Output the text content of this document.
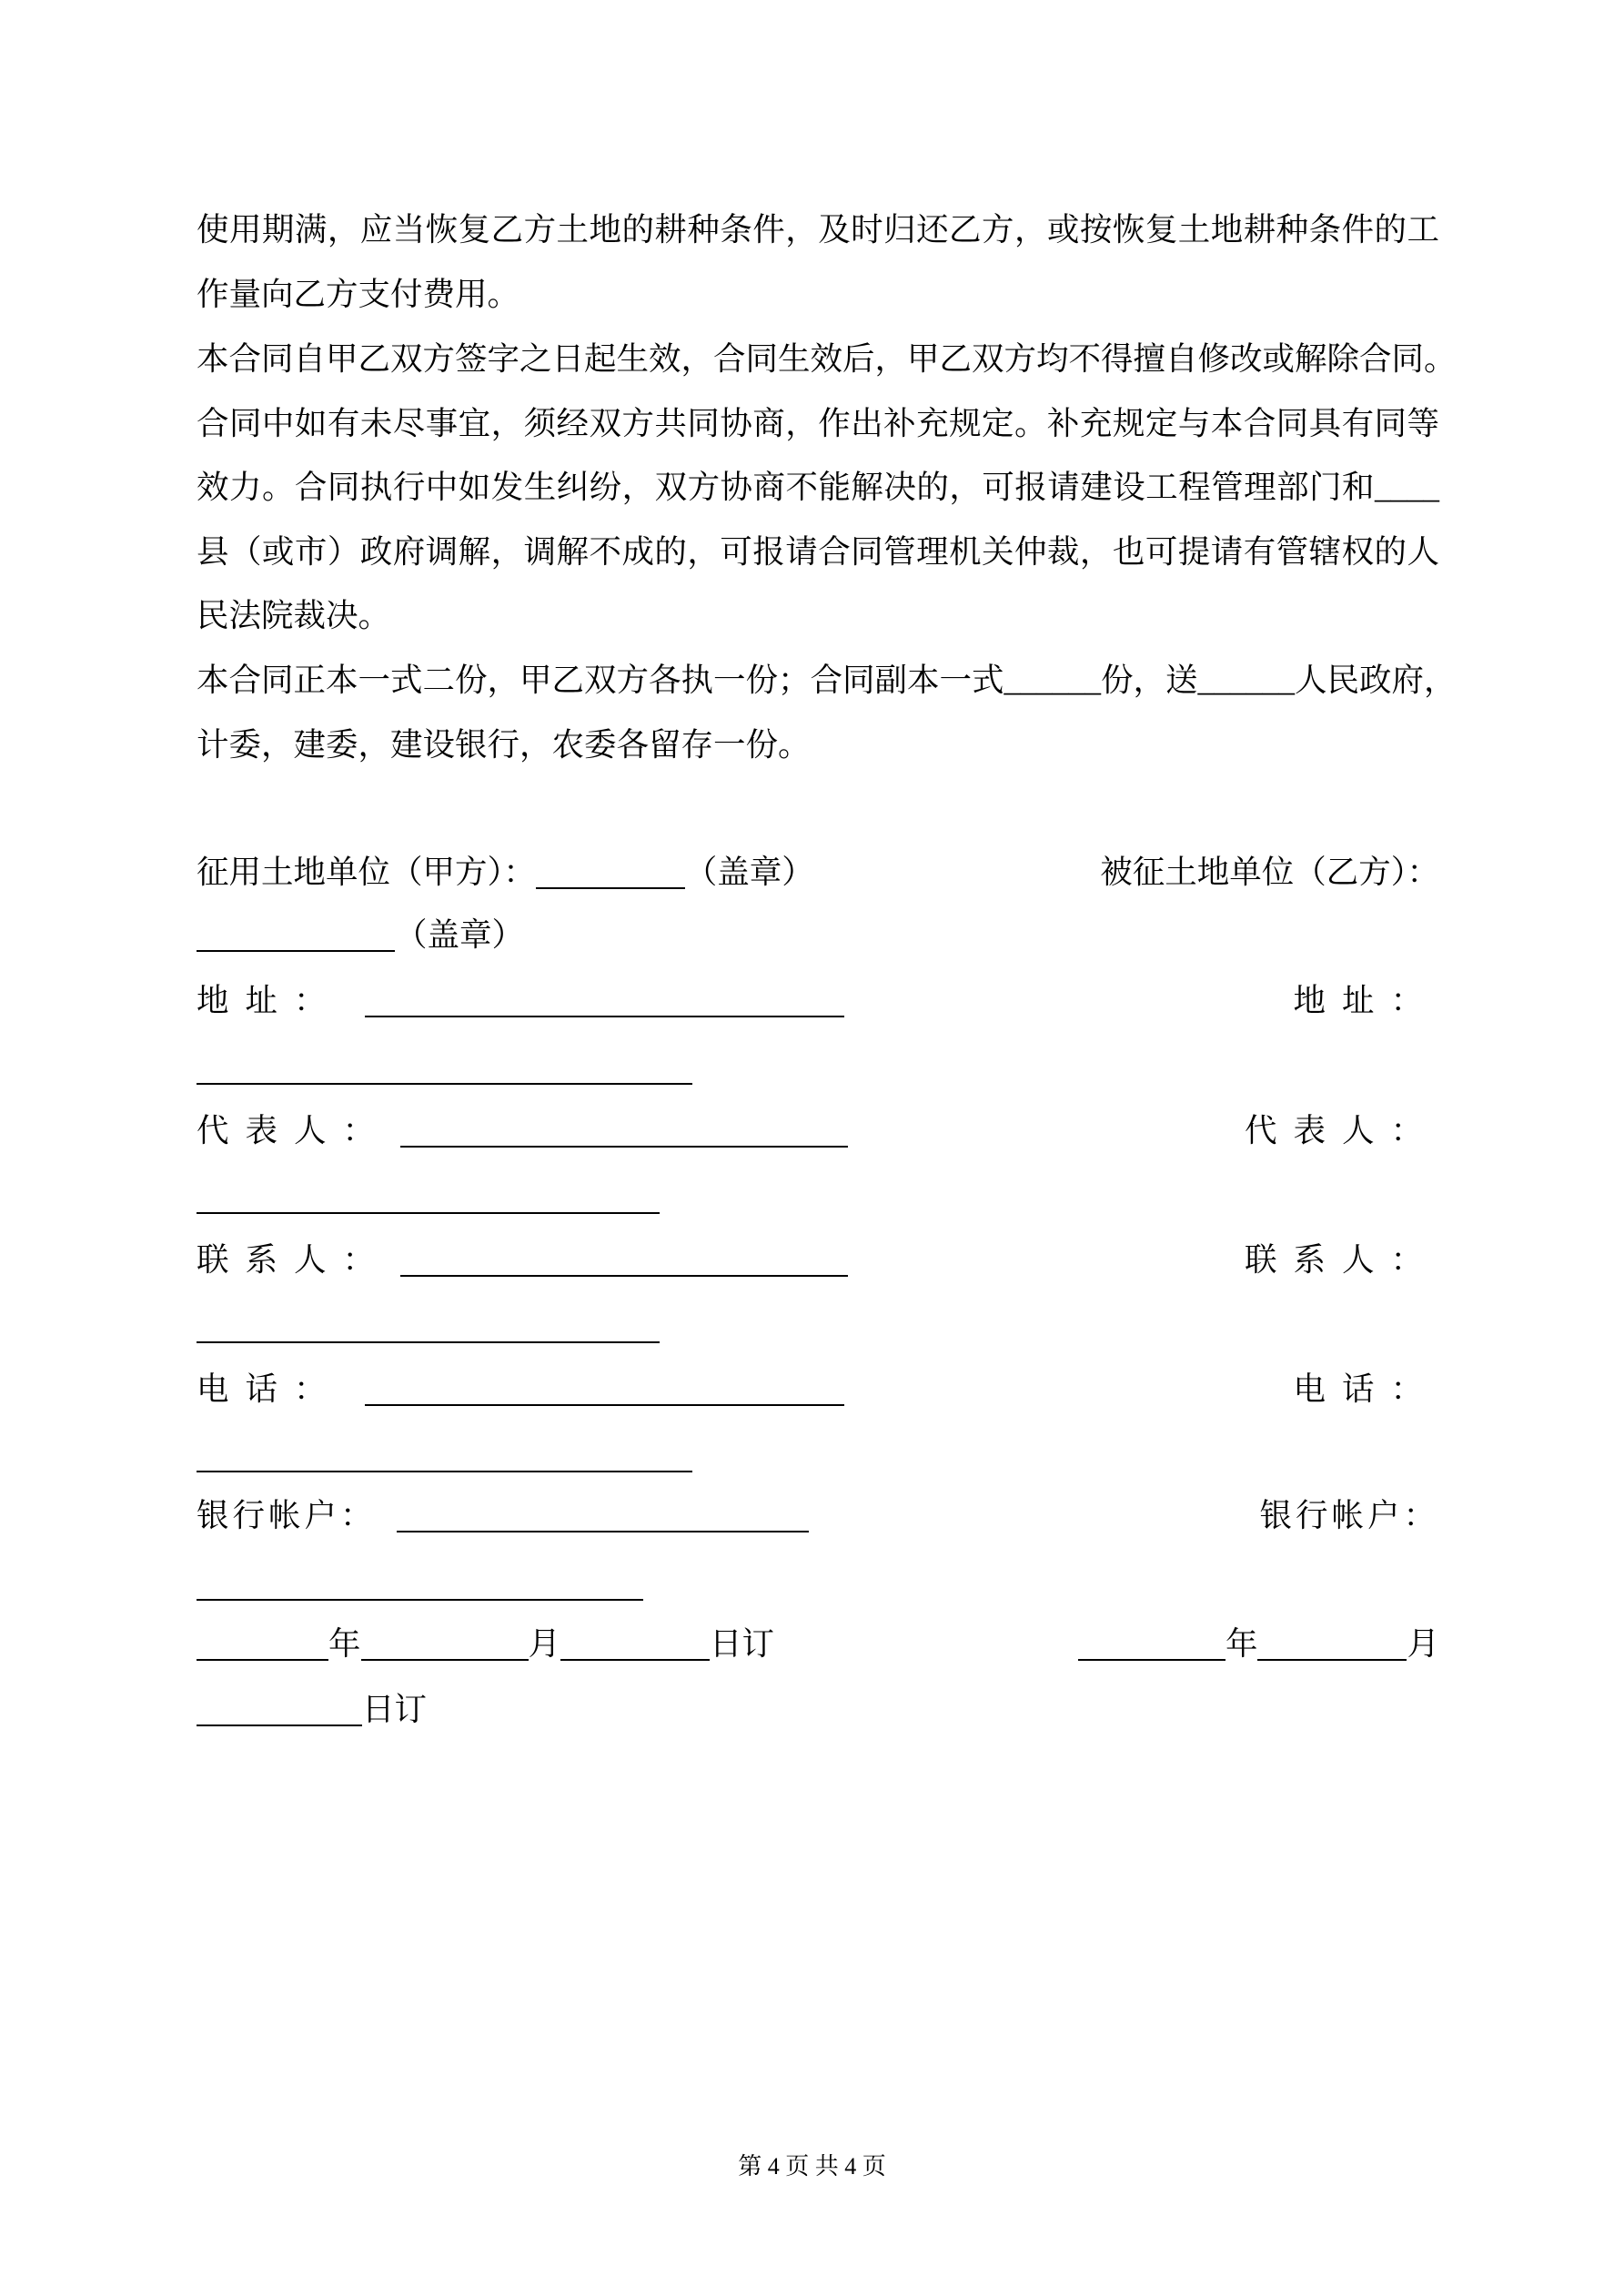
使用期满，应当恢复乙方土地的耕种条件，及时归还乙方，或按恢复土地耕种条件的工
作量向乙方支付费用。
本合同自甲乙双方签字之日起生效，合同生效后，甲乙双方均不得擅自修改或解除合同。
合同中如有未尽事宜，须经双方共同协商，作出补充规定。补充规定与本合同具有同等
效力。合同执行中如发生纠纷，双方协商不能解决的，可报请建设工程管理部门和____
县（或市）政府调解，调解不成的，可报请合同管理机关仲裁，也可提请有管辖权的人
民法院裁决。
本合同正本一式二份，甲乙双方各执一份；合同副本一式______份，送______人民政府，
计委，建委，建设银行，农委各留存一份。
征用土地单位（甲方）：	（盖章）	被征土地单位（乙方）：
（盖章）
地址：	地址：
代表人：	代表人：
联系人：	联系人：
电话：	电话：
银行帐户：	银行帐户：
年	月	日订	年	月
日订
第 4 页 共 4 页
